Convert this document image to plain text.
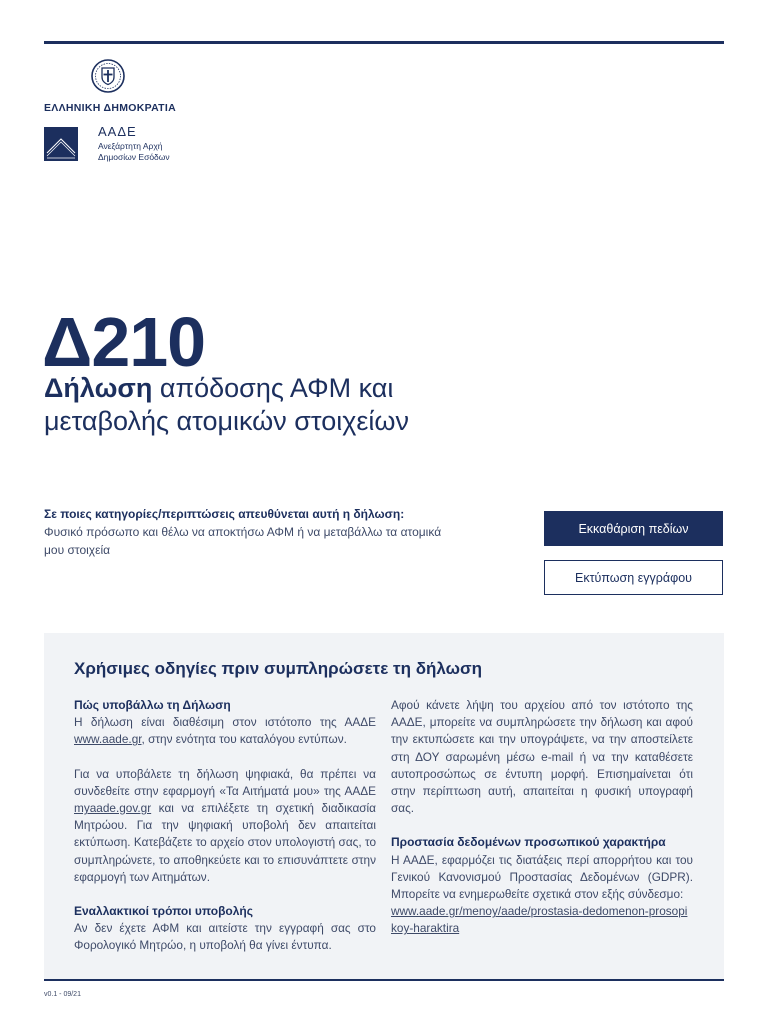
ΕΛΛΗΝΙΚΗ ΔΗΜΟΚΡΑΤΙΑ
ΑΑΔΕ
Ανεξάρτητη Αρχή
Δημοσίων Εσόδων
Δ210
Δήλωση απόδοσης ΑΦΜ και
μεταβολής ατομικών στοιχείων
Σε ποιες κατηγορίες/περιπτώσεις απευθύνεται αυτή η δήλωση:
Φυσικό πρόσωπο και θέλω να αποκτήσω ΑΦΜ ή να μεταβάλλω τα ατομικά μου στοιχεία
Εκκαθάριση πεδίων
Εκτύπωση εγγράφου
Χρήσιμες οδηγίες πριν συμπληρώσετε τη δήλωση
Πώς υποβάλλω τη Δήλωση

Η δήλωση είναι διαθέσιμη στον ιστότοπο της ΑΑΔΕ www.aade.gr, στην ενότητα του καταλόγου εντύπων.

Για να υποβάλετε τη δήλωση ψηφιακά, θα πρέπει να συνδεθείτε στην εφαρμογή «Τα Αιτήματά μου» της ΑΑΔΕ myaade.gov.gr και να επιλέξετε τη σχετική διαδικασία Μητρώου. Για την ψηφιακή υποβολή δεν απαιτείται εκτύπωση. Κατεβάζετε το αρχείο στον υπολογιστή σας, το συμπληρώνετε, το αποθηκεύετε και το επισυνάπτετε στην εφαρμογή των Αιτημάτων.

Εναλλακτικοί τρόποι υποβολής

Αν δεν έχετε ΑΦΜ και αιτείστε την εγγραφή σας στο Φορολογικό Μητρώο, η υποβολή θα γίνει έντυπα.

Αφού κάνετε λήψη του αρχείου από τον ιστότοπο της ΑΑΔΕ, μπορείτε να συμπληρώσετε την δήλωση και αφού την εκτυπώσετε και την υπογράψετε, να την αποστείλετε στη ΔΟΥ σαρωμένη μέσω e-mail ή να την καταθέσετε αυτοπροσώπως σε έντυπη μορφή. Επισημαίνεται ότι στην περίπτωση αυτή, απαιτείται η φυσική υπογραφή σας.

Προστασία δεδομένων προσωπικού χαρακτήρα

Η ΑΑΔΕ, εφαρμόζει τις διατάξεις περί απορρήτου και του Γενικού Κανονισμού Προστασίας Δεδομένων (GDPR). Μπορείτε να ενημερωθείτε σχετικά στον εξής σύνδεσμο:

www.aade.gr/menoy/aade/prostasia-dedomenon-prosopikoy-haraktira

v0.1 - 09/21
